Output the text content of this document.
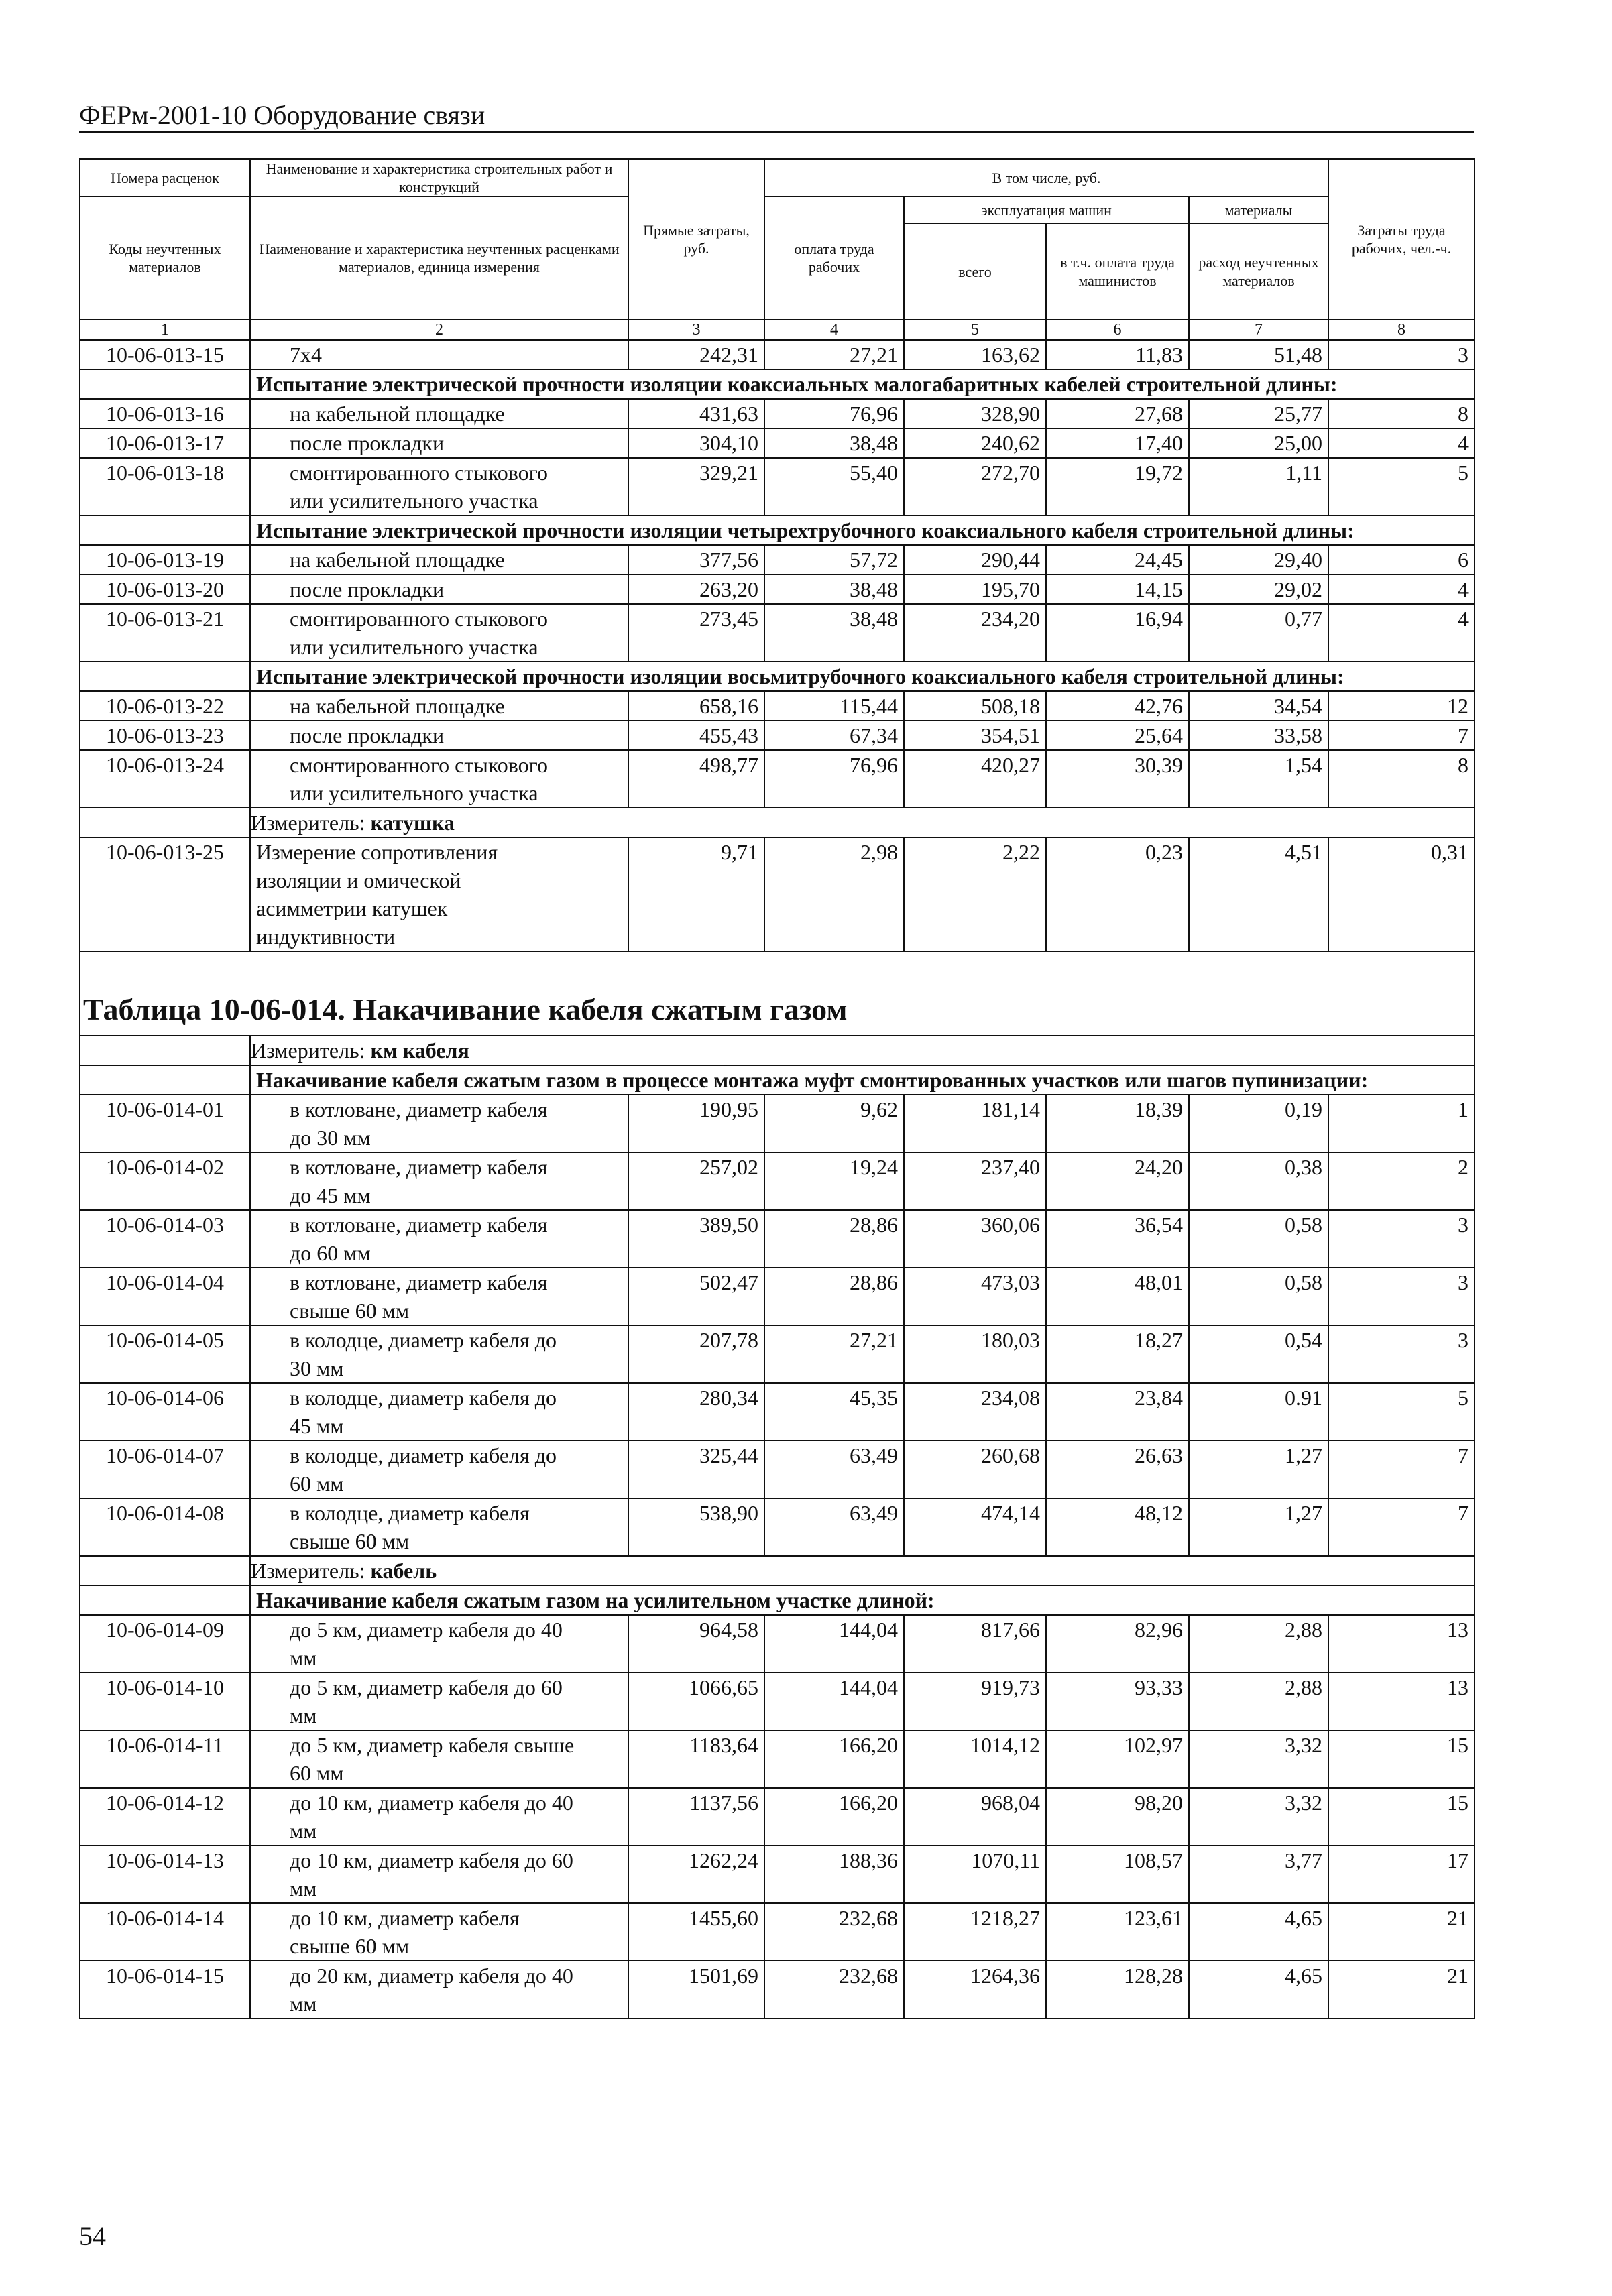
ФЕРм-2001-10 Оборудование связи
Номера расценок	Наименование и характеристика строительных работ и конструкций	Прямые затраты, руб.	В том числе, руб.				Затраты труда рабочих, чел.-ч.
Коды неучтенных материалов	Наименование и характеристика неучтенных расценками материалов, единица измерения		оплата труда рабочих	эксплуатация машин		материалы	
				всего	в т.ч. оплата труда машинистов	расход неучтенных материалов	
1	2	3	4	5	6	7	8
10-06-013-15	7х4	242,31	27,21	163,62	11,83	51,48	3
	Испытание электрической прочности изоляции коаксиальных малогабаритных кабелей строительной длины:						
10-06-013-16	на кабельной площадке	431,63	76,96	328,90	27,68	25,77	8
10-06-013-17	после прокладки	304,10	38,48	240,62	17,40	25,00	4
10-06-013-18	смонтированного стыкового
или усилительного участка	329,21	55,40	272,70	19,72	1,11	5
	Испытание электрической прочности изоляции четырехтрубочного коаксиального кабеля строительной длины:						
10-06-013-19	на кабельной площадке	377,56	57,72	290,44	24,45	29,40	6
10-06-013-20	после прокладки	263,20	38,48	195,70	14,15	29,02	4
10-06-013-21	смонтированного стыкового
или усилительного участка	273,45	38,48	234,20	16,94	0,77	4
	Испытание электрической прочности изоляции восьмитрубочного коаксиального кабеля строительной длины:						
10-06-013-22	на кабельной площадке	658,16	115,44	508,18	42,76	34,54	12
10-06-013-23	после прокладки	455,43	67,34	354,51	25,64	33,58	7
10-06-013-24	смонтированного стыкового
или усилительного участка	498,77	76,96	420,27	30,39	1,54	8
	Измеритель: катушка						
10-06-013-25	Измерение сопротивления
изоляции и омической
асимметрии катушек
индуктивности	9,71	2,98	2,22	0,23	4,51	0,31
Таблица 10-06-014. Накачивание кабеля сжатым газом							
	Измеритель: км кабеля						
	Накачивание кабеля сжатым газом в процессе монтажа муфт смонтированных участков или шагов пупинизации:						
10-06-014-01	в котловане, диаметр кабеля
до 30 мм	190,95	9,62	181,14	18,39	0,19	1
10-06-014-02	в котловане, диаметр кабеля
до 45 мм	257,02	19,24	237,40	24,20	0,38	2
10-06-014-03	в котловане, диаметр кабеля
до 60 мм	389,50	28,86	360,06	36,54	0,58	3
10-06-014-04	в котловане, диаметр кабеля
свыше 60 мм	502,47	28,86	473,03	48,01	0,58	3
10-06-014-05	в колодце, диаметр кабеля до
30 мм	207,78	27,21	180,03	18,27	0,54	3
10-06-014-06	в колодце, диаметр кабеля до
45 мм	280,34	45,35	234,08	23,84	0.91	5
10-06-014-07	в колодце, диаметр кабеля до
60 мм	325,44	63,49	260,68	26,63	1,27	7
10-06-014-08	в колодце, диаметр кабеля
свыше 60 мм	538,90	63,49	474,14	48,12	1,27	7
	Измеритель: кабель						
	Накачивание кабеля сжатым газом на усилительном участке длиной:						
10-06-014-09	до 5 км, диаметр кабеля до 40
мм	964,58	144,04	817,66	82,96	2,88	13
10-06-014-10	до 5 км, диаметр кабеля до 60
мм	1066,65	144,04	919,73	93,33	2,88	13
10-06-014-11	до 5 км, диаметр кабеля свыше
60 мм	1183,64	166,20	1014,12	102,97	3,32	15
10-06-014-12	до 10 км, диаметр кабеля до 40
мм	1137,56	166,20	968,04	98,20	3,32	15
10-06-014-13	до 10 км, диаметр кабеля до 60
мм	1262,24	188,36	1070,11	108,57	3,77	17
10-06-014-14	до 10 км, диаметр кабеля
свыше 60 мм	1455,60	232,68	1218,27	123,61	4,65	21
10-06-014-15	до 20 км, диаметр кабеля до 40
мм	1501,69	232,68	1264,36	128,28	4,65	21
54
